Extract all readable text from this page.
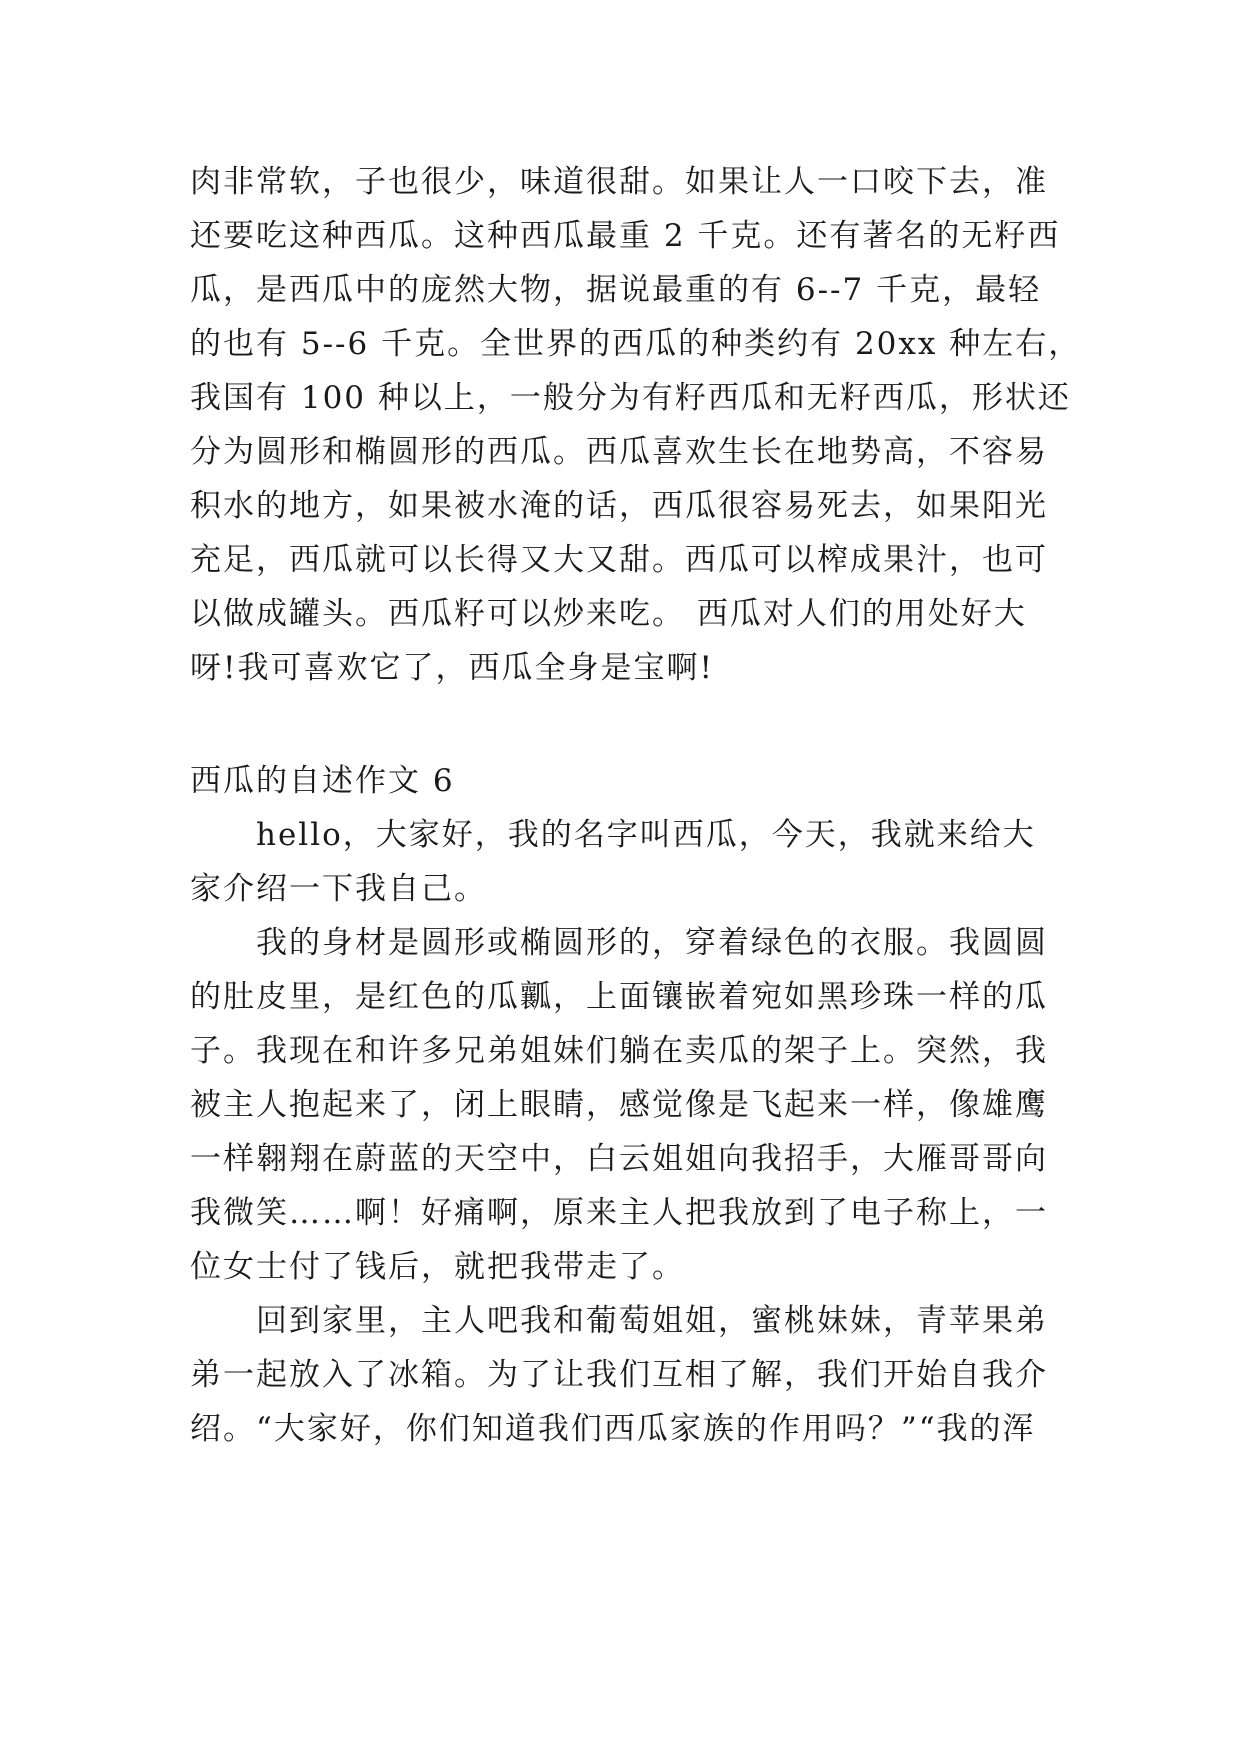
肉非常软，子也很少，味道很甜。如果让人一口咬下去，准
还要吃这种西瓜。这种西瓜最重 2 千克。还有著名的无籽西
瓜，是西瓜中的庞然大物，据说最重的有 6--7 千克，最轻
的也有 5--6 千克。全世界的西瓜的种类约有 20xx 种左右，
我国有 100 种以上，一般分为有籽西瓜和无籽西瓜，形状还
分为圆形和椭圆形的西瓜。西瓜喜欢生长在地势高，不容易
积水的地方，如果被水淹的话，西瓜很容易死去，如果阳光
充足，西瓜就可以长得又大又甜。西瓜可以榨成果汁，也可
以做成罐头。西瓜籽可以炒来吃。 西瓜对人们的用处好大
呀!我可喜欢它了，西瓜全身是宝啊!
西瓜的自述作文 6
　　hello，大家好，我的名字叫西瓜，今天，我就来给大
家介绍一下我自己。
　　我的身材是圆形或椭圆形的，穿着绿色的衣服。我圆圆
的肚皮里，是红色的瓜瓤，上面镶嵌着宛如黑珍珠一样的瓜
子。我现在和许多兄弟姐妹们躺在卖瓜的架子上。突然，我
被主人抱起来了，闭上眼睛，感觉像是飞起来一样，像雄鹰
一样翱翔在蔚蓝的天空中，白云姐姐向我招手，大雁哥哥向
我微笑……啊！好痛啊，原来主人把我放到了电子称上，一
位女士付了钱后，就把我带走了。
　　回到家里，主人吧我和葡萄姐姐，蜜桃妹妹，青苹果弟
弟一起放入了冰箱。为了让我们互相了解，我们开始自我介
绍。“大家好，你们知道我们西瓜家族的作用吗？”“我的浑
